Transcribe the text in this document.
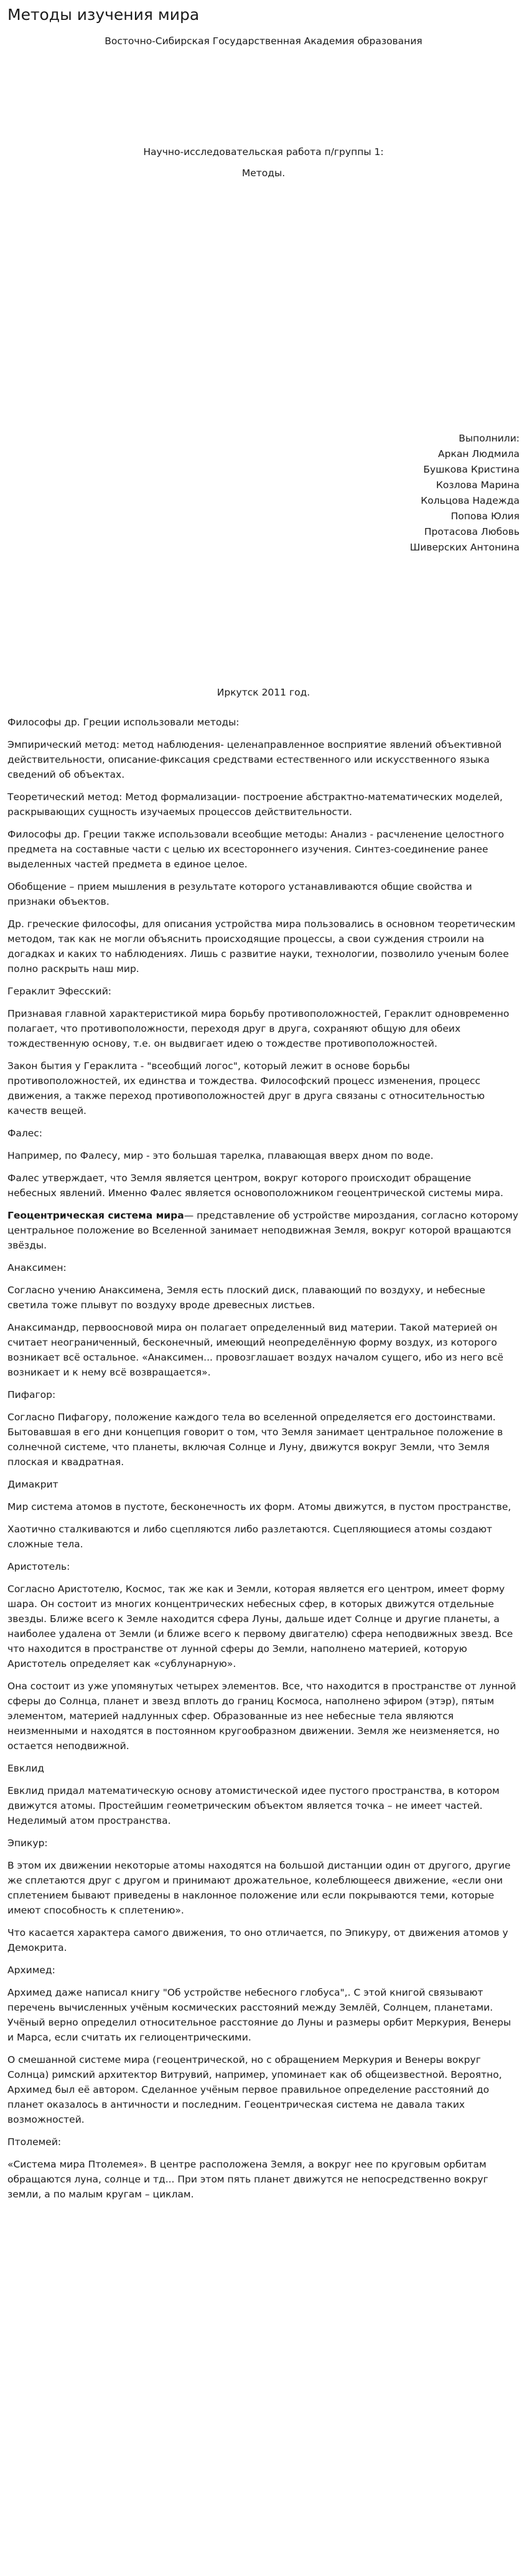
Методы изучения мира

Восточно-Сибирская Государственная Академия образования

Научно-исследовательская работа п/группы 1:

Методы.

Выполнили:
Аркан Людмила
Бушкова Кристина
Козлова Марина
Кольцова Надежда
Попова Юлия
Протасова Любовь
Шиверских Антонина

Иркутск 2011 год.

Философы др. Греции использовали методы:

Эмпирический метод: метод наблюдения- целенаправленное восприятие явлений объективной действительности, описание-фиксация средствами естественного или искусственного языка сведений об объектах.

Теоретический метод: Метод формализации- построение абстрактно-математических моделей, раскрывающих сущность изучаемых процессов действительности.

Философы др. Греции также использовали всеобщие методы: Анализ - расчленение целостного предмета на составные части с целью их всестороннего изучения. Синтез-соединение ранее выделенных частей предмета в единое целое.

Обобщение – прием мышления в результате которого устанавливаются общие свойства и признаки объектов.

Др. греческие философы, для описания устройства мира пользовались в основном теоретическим методом, так как не могли объяснить происходящие процессы, а свои суждения строили на догадках и каких то наблюдениях. Лишь с развитие науки, технологии, позволило ученым более полно раскрыть наш мир.

Гераклит Эфесский:

Признавая главной характеристикой мира борьбу противоположностей, Гераклит одновременно полагает, что противоположности, переходя друг в друга, сохраняют общую для обеих тождественную основу, т.е. он выдвигает идею о тождестве противоположностей.

Закон бытия у Гераклита - "всеобщий логос", который лежит в основе борьбы противоположностей, их единства и тождества. Философский процесс изменения, процесс движения, а также переход противоположностей друг в друга связаны с относительностью качеств вещей.

Фалес:

Например, по Фалесу, мир - это большая тарелка, плавающая вверх дном по воде.

Фалес утверждает, что Земля является центром, вокруг которого происходит обращение небесных явлений. Именно Фалес является основоположником геоцентрической системы мира.

Геоцентрическая система мира— представление об устройстве мироздания, согласно которому центральное положение во Вселенной занимает неподвижная Земля, вокруг которой вращаются звёзды.

Анаксимен:

Согласно учению Анаксимена, Земля есть плоский диск, плавающий по воздуху, и небесные светила тоже плывут по воздуху вроде древесных листьев.

Анаксимандр, первоосновой мира он полагает определенный вид материи. Такой материей он считает неограниченный, бесконечный, имеющий неопределённую форму воздух, из которого возникает всё остальное. «Анаксимен... провозглашает воздух началом сущего, ибо из него всё возникает и к нему всё возвращается».

Пифагор:

Согласно Пифагору, положение каждого тела во вселенной определяется его достоинствами. Бытовавшая в его дни концепция говорит о том, что Земля занимает центральное положение в солнечной системе, что планеты, включая Солнце и Луну, движутся вокруг Земли, что Земля плоская и квадратная.

Димакрит

Мир система атомов в пустоте, бесконечность их форм. Атомы движутся, в пустом пространстве,

Хаотично сталкиваются и либо сцепляются либо разлетаются. Сцепляющиеся атомы создают сложные тела.

Аристотель:

Согласно Аристотелю, Космос, так же как и Земли, которая является его центром, имеет форму шара. Он состоит из многих концентрических небесных сфер, в которых движутся отдельные звезды. Ближе всего к Земле находится сфера Луны, дальше идет Солнце и другие планеты, а наиболее удалена от Земли (и ближе всего к первому двигателю) сфера неподвижных звезд. Все что находится в пространстве от лунной сферы до Земли, наполнено материей, которую Аристотель определяет как «сублунарную».

Она состоит из уже упомянутых четырех элементов. Все, что находится в пространстве от лунной сферы до Солнца, планет и звезд вплоть до границ Космоса, наполнено эфиром (этэр), пятым элементом, материей надлунных сфер. Образованные из нее небесные тела являются неизменными и находятся в постоянном кругообразном движении. Земля же неизменяется, но остается неподвижной.

Евклид

Евклид придал математическую основу атомистической идее пустого пространства, в котором движутся атомы. Простейшим геометрическим объектом является точка – не имеет частей. Неделимый атом пространства.

Эпикур:

В этом их движении некоторые атомы находятся на большой дистанции один от другого, другие же сплетаются друг с другом и принимают дрожательное, колеблющееся движение, «если они сплетением бывают приведены в наклонное положение или если покрываются теми, которые имеют способность к сплетению».

Что касается характера самого движения, то оно отличается, по Эпикуру, от движения атомов у Демокрита.

Архимед:

Архимед даже написал книгу "Об устройстве небесного глобуса",. С этой книгой связывают перечень вычисленных учёным космических расстояний между Землёй, Солнцем, планетами. Учёный верно определил относительное расстояние до Луны и размеры орбит Меркурия, Венеры и Марса, если считать их гелиоцентрическими.

О смешанной системе мира (геоцентрической, но с обращением Меркурия и Венеры вокруг Солнца) римский архитектор Витрувий, например, упоминает как об общеизвестной. Вероятно, Архимед был её автором. Сделанное учёным первое правильное определение расстояний до планет оказалось в античности и последним. Геоцентрическая система не давала таких возможностей.

Птолемей:

«Система мира Птолемея». В центре расположена Земля, а вокруг нее по круговым орбитам обращаются луна, солнце и тд... При этом пять планет движутся не непосредственно вокруг земли, а по малым кругам – циклам.
